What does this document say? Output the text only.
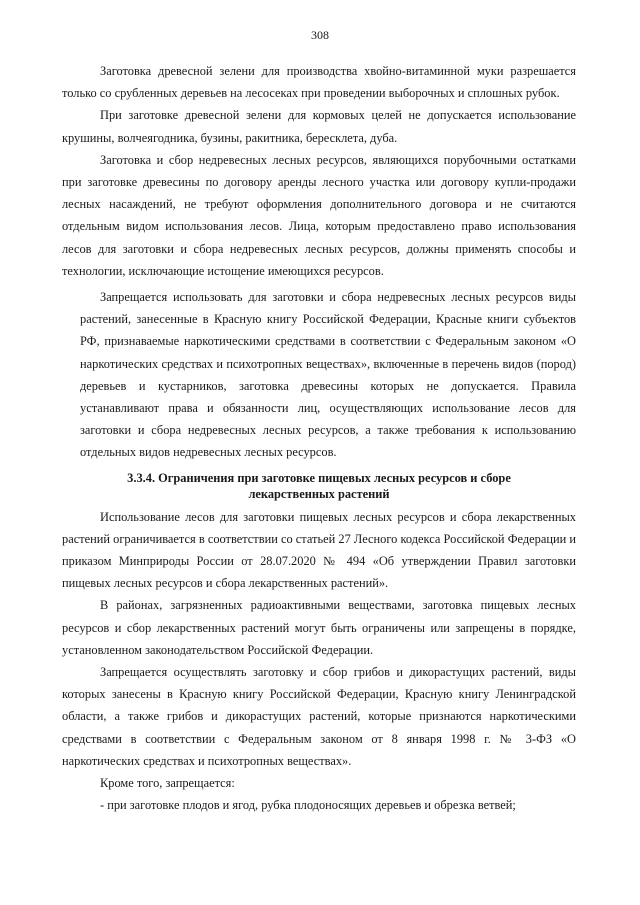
308

Заготовка древесной зелени для производства хвойно-витаминной муки разрешается только со срубленных деревьев на лесосеках при проведении выборочных и сплошных рубок.

При заготовке древесной зелени для кормовых целей не допускается использование крушины, волчеягодника, бузины, ракитника, бересклета, дуба.

Заготовка и сбор недревесных лесных ресурсов, являющихся порубочными остатками при заготовке древесины по договору аренды лесного участка или договору купли-продажи лесных насаждений, не требуют оформления дополнительного договора и не считаются отдельным видом использования лесов. Лица, которым предоставлено право использования лесов для заготовки и сбора недревесных лесных ресурсов, должны применять способы и технологии, исключающие истощение имеющихся ресурсов.

Запрещается использовать для заготовки и сбора недревесных лесных ресурсов виды растений, занесенные в Красную книгу Российской Федерации, Красные книги субъектов РФ, признаваемые наркотическими средствами в соответствии с Федеральным законом «О наркотических средствах и психотропных веществах», включенные в перечень видов (пород) деревьев и кустарников, заготовка древесины которых не допускается. Правила устанавливают права и обязанности лиц, осуществляющих использование лесов для заготовки и сбора недревесных лесных ресурсов, а также требования к использованию отдельных видов недревесных лесных ресурсов.

3.3.4. Ограничения при заготовке пищевых лесных ресурсов и сборе
лекарственных растений

Использование лесов для заготовки пищевых лесных ресурсов и сбора лекарственных растений ограничивается в соответствии со статьей 27 Лесного кодекса Российской Федерации и приказом Минприроды России от 28.07.2020 № 494 «Об утверждении Правил заготовки пищевых лесных ресурсов и сбора лекарственных растений».

В районах, загрязненных радиоактивными веществами, заготовка пищевых лесных ресурсов и сбор лекарственных растений могут быть ограничены или запрещены в порядке, установленном законодательством Российской Федерации.

Запрещается осуществлять заготовку и сбор грибов и дикорастущих растений, виды которых занесены в Красную книгу Российской Федерации, Красную книгу Ленинградской области, а также грибов и дикорастущих растений, которые признаются наркотическими средствами в соответствии с Федеральным законом от 8 января 1998 г. № 3-ФЗ «О наркотических средствах и психотропных веществах».

Кроме того, запрещается:

- при заготовке плодов и ягод, рубка плодоносящих деревьев и обрезка ветвей;
